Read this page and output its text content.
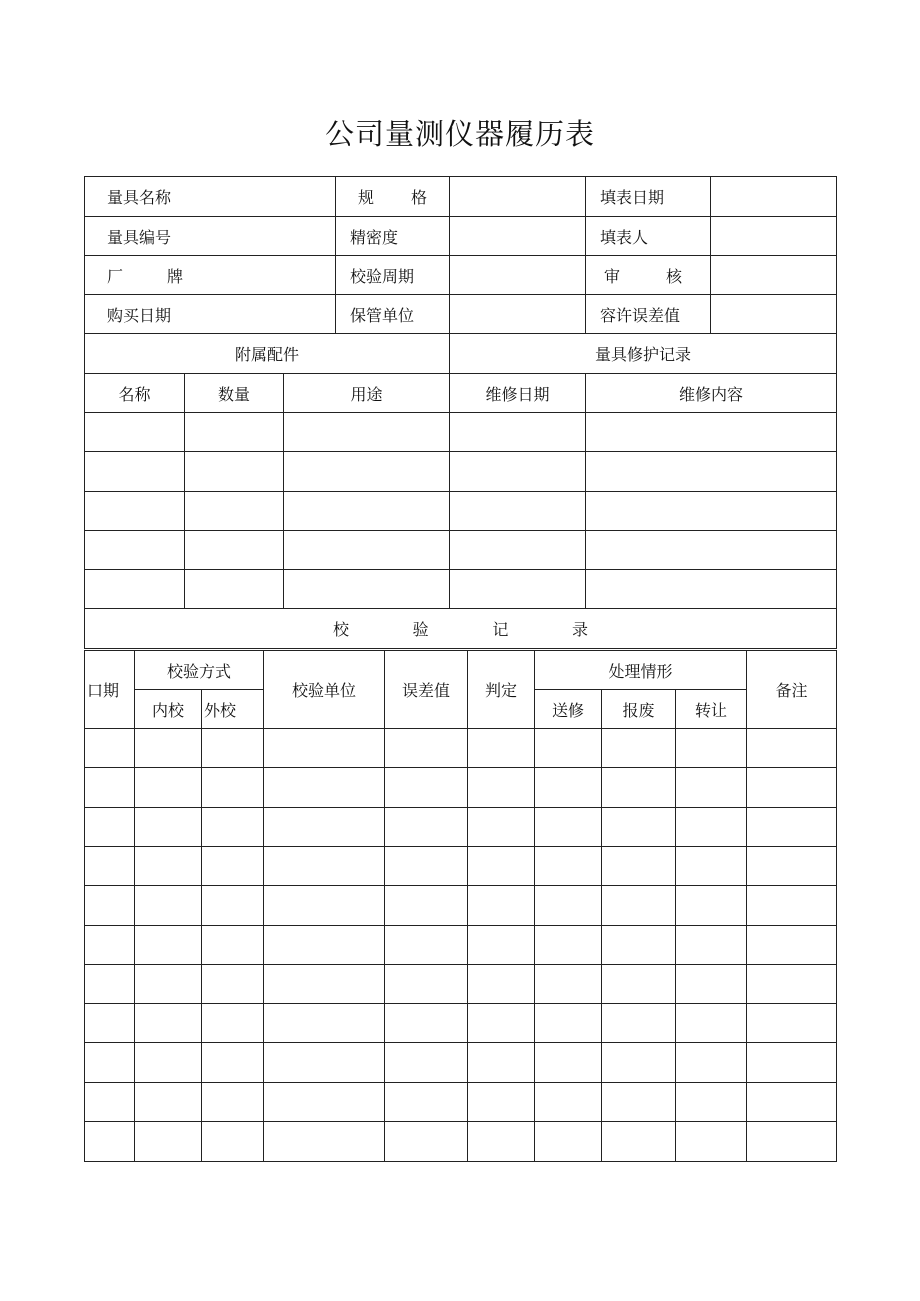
公司量测仪器履历表
量具名称			规 格		填表日期	
量具编号			精密度		填表人	

厂 牌			校验周期		审 核	

购买日期			保管单位		容许误差值	
附属配件				量具修护记录		
名称	数量	用途		维修日期	维修内容	

校 验 记 录						
口期	校验方式		校验单位	误差值	判定	处理情形			备注
	内校	外校				送修	报废	转让	
